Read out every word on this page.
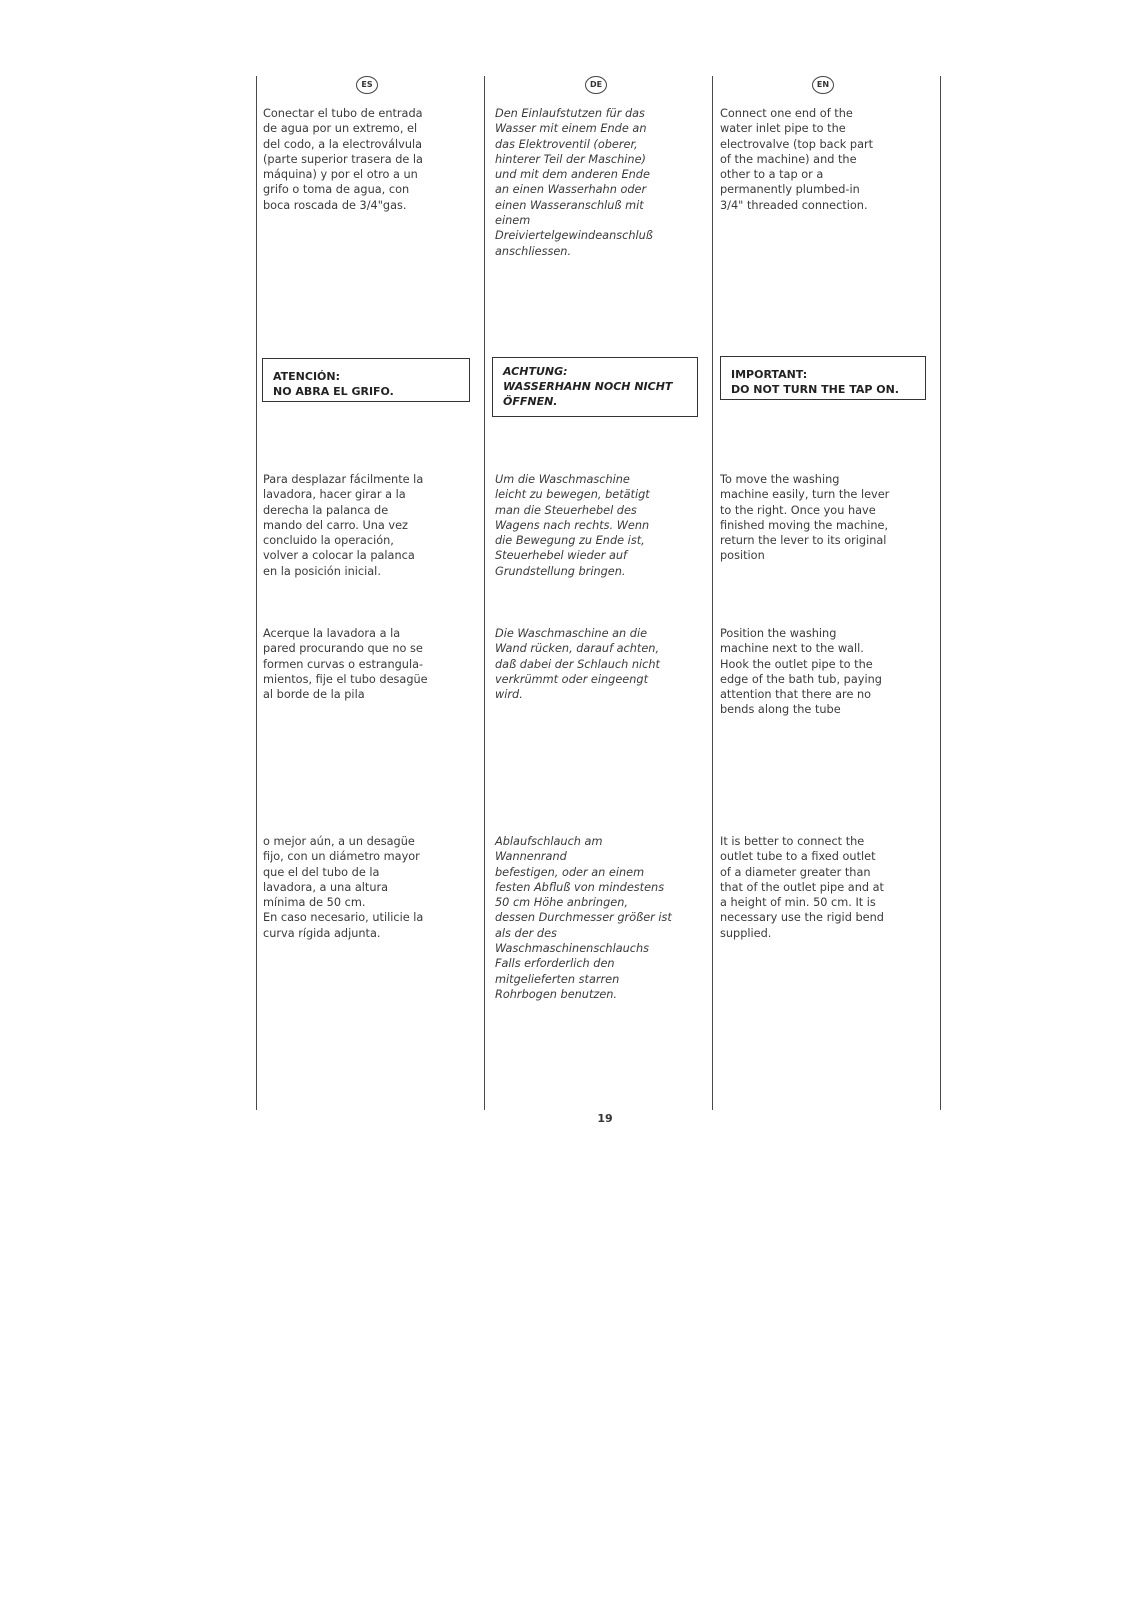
ES

Conectar el tubo de entrada
de agua por un extremo, el
del codo, a la electroválvula
(parte superior trasera de la
máquina) y por el otro a un
grifo o toma de agua, con
boca roscada de 3/4"gas.

ATENCIÓN:
NO ABRA EL GRIFO.

Para desplazar fácilmente la
lavadora, hacer girar a la
derecha la palanca de
mando del carro. Una vez
concluido la operación,
volver a colocar la palanca
en la posición inicial.

Acerque la lavadora a la
pared procurando que no se
formen curvas o estrangula-
mientos, fije el tubo desagüe
al borde de la pila

o mejor aún, a un desagüe
fijo, con un diámetro mayor
que el del tubo de la
lavadora, a una altura
mínima de 50 cm.
En caso necesario, utilicie la
curva rígida adjunta.

DE

Den Einlaufstutzen für das
Wasser mit einem Ende an
das Elektroventil (oberer,
hinterer Teil der Maschine)
und mit dem anderen Ende
an einen Wasserhahn oder
einen Wasseranschluß mit
einem
Dreiviertelgewindeanschluß
anschliessen.

ACHTUNG:
WASSERHAHN NOCH NICHT
ÖFFNEN.

Um die Waschmaschine
leicht zu bewegen, betätigt
man die Steuerhebel des
Wagens nach rechts. Wenn
die Bewegung zu Ende ist,
Steuerhebel wieder auf
Grundstellung bringen.

Die Waschmaschine an die
Wand rücken, darauf achten,
daß dabei der Schlauch nicht
verkrümmt oder eingeengt
wird.

Ablaufschlauch am
Wannenrand
befestigen, oder an einem
festen Abfluß von mindestens
50 cm Höhe anbringen,
dessen Durchmesser größer ist
als der des
Waschmaschinenschlauchs
Falls erforderlich den
mitgelieferten starren
Rohrbogen benutzen.

EN

Connect one end of the
water inlet pipe to the
electrovalve (top back part
of the machine) and the
other to a tap or a
permanently plumbed-in
3/4" threaded connection.

IMPORTANT:
DO NOT TURN THE TAP ON.

To move the washing
machine easily, turn the lever
to the right. Once you have
finished moving the machine,
return the lever to its original
position

Position the washing
machine next to the wall.
Hook the outlet pipe to the
edge of the bath tub, paying
attention that there are no
bends along the tube

It is better to connect the
outlet tube to a fixed outlet
of a diameter greater than
that of the outlet pipe and at
a height of min. 50 cm. It is
necessary use the rigid bend
supplied.

19
